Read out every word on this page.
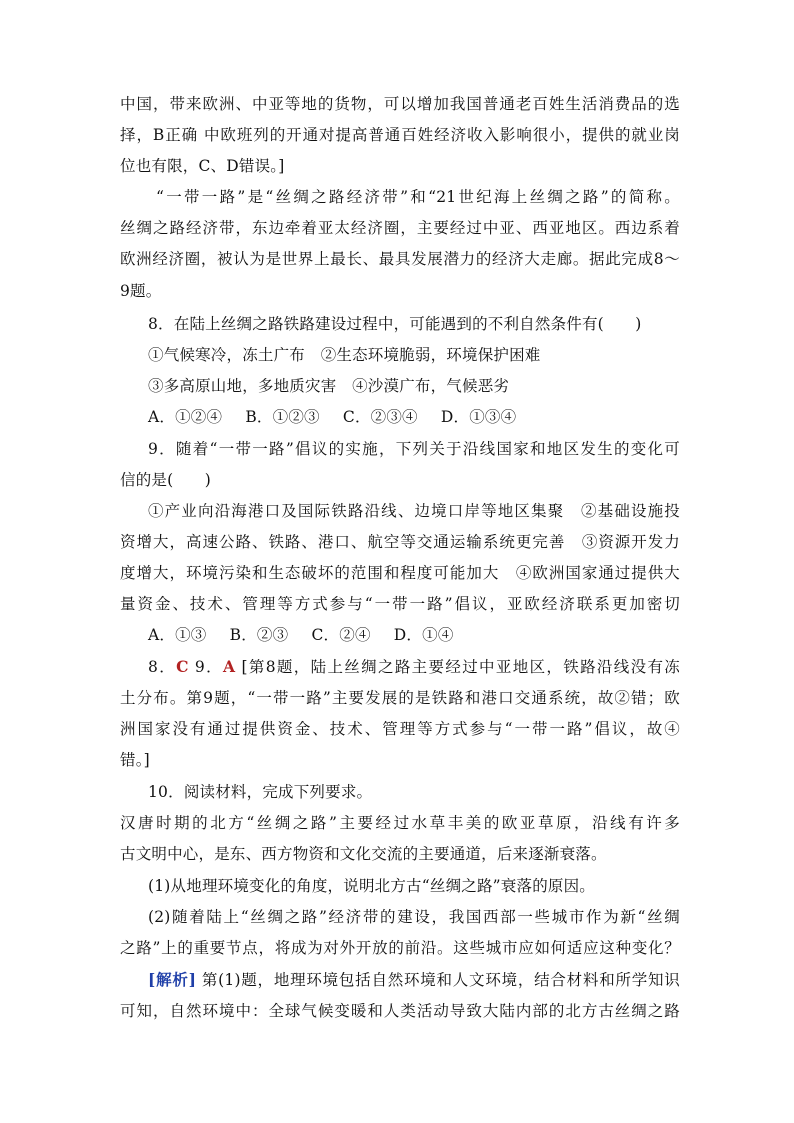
中国，带来欧洲、中亚等地的货物，可以增加我国普通老百姓生活消费品的选
择，B正确 中欧班列的开通对提高普通百姓经济收入影响很小，提供的就业岗
位也有限，C、D错误。]
“一带一路”是“丝绸之路经济带”和“21世纪海上丝绸之路”的简称。
丝绸之路经济带，东边牵着亚太经济圈，主要经过中亚、西亚地区。西边系着
欧洲经济圈，被认为是世界上最长、最具发展潜力的经济大走廊。据此完成8～
9题。
8．在陆上丝绸之路铁路建设过程中，可能遇到的不利自然条件有(　　)
①气候寒冷，冻土广布　②生态环境脆弱，环境保护困难
③多高原山地，多地质灾害　④沙漠广布，气候恶劣
A．①②④ B．①②③ C．②③④ D．①③④
9．随着“一带一路”倡议的实施，下列关于沿线国家和地区发生的变化可
信的是(　　)
①产业向沿海港口及国际铁路沿线、边境口岸等地区集聚　②基础设施投
资增大，高速公路、铁路、港口、航空等交通运输系统更完善　③资源开发力
度增大，环境污染和生态破坏的范围和程度可能加大　④欧洲国家通过提供大
量资金、技术、管理等方式参与“一带一路”倡议，亚欧经济联系更加密切
A．①③ B．②③ C．②④ D．①④
8．C 9．A [第8题，陆上丝绸之路主要经过中亚地区，铁路沿线没有冻
土分布。第9题，“一带一路”主要发展的是铁路和港口交通系统，故②错；欧
洲国家没有通过提供资金、技术、管理等方式参与“一带一路”倡议，故④
错。]
10．阅读材料，完成下列要求。
汉唐时期的北方“丝绸之路”主要经过水草丰美的欧亚草原，沿线有许多
古文明中心，是东、西方物资和文化交流的主要通道，后来逐渐衰落。
(1)从地理环境变化的角度，说明北方古“丝绸之路”衰落的原因。
(2)随着陆上“丝绸之路”经济带的建设，我国西部一些城市作为新“丝绸
之路”上的重要节点，将成为对外开放的前沿。这些城市应如何适应这种变化？
[解析] 第(1)题，地理环境包括自然环境和人文环境，结合材料和所学知识
可知，自然环境中：全球气候变暖和人类活动导致大陆内部的北方古丝绸之路
